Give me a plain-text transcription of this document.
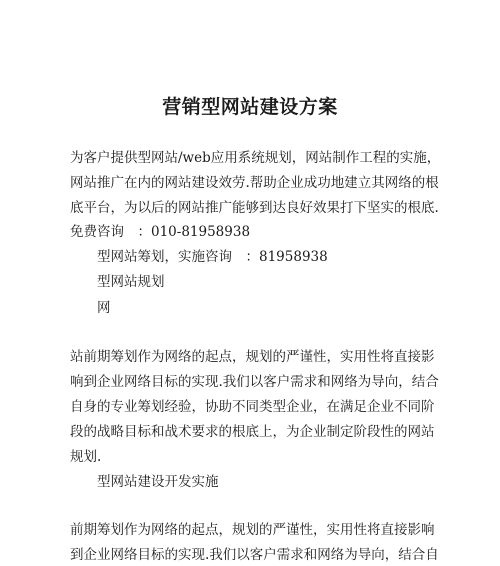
营销型网站建设方案
为客户提供型网站/web应用系统规划，网站制作工程的实施，
网站推广在内的网站建设效劳.帮助企业成功地建立其网络的根
底平台，为以后的网站推广能够到达良好效果打下坚实的根底.
免费咨询　：010-81958938
型网站筹划，实施咨询　：81958938
型网站规划
网
站前期筹划作为网络的起点，规划的严谨性，实用性将直接影
响到企业网络目标的实现.我们以客户需求和网络为导向，结合
自身的专业筹划经验，协助不同类型企业，在满足企业不同阶
段的战略目标和战术要求的根底上，为企业制定阶段性的网站
规划.
型网站建设开发实施
前期筹划作为网络的起点，规划的严谨性，实用性将直接影响
到企业网络目标的实现.我们以客户需求和网络为导向，结合自
